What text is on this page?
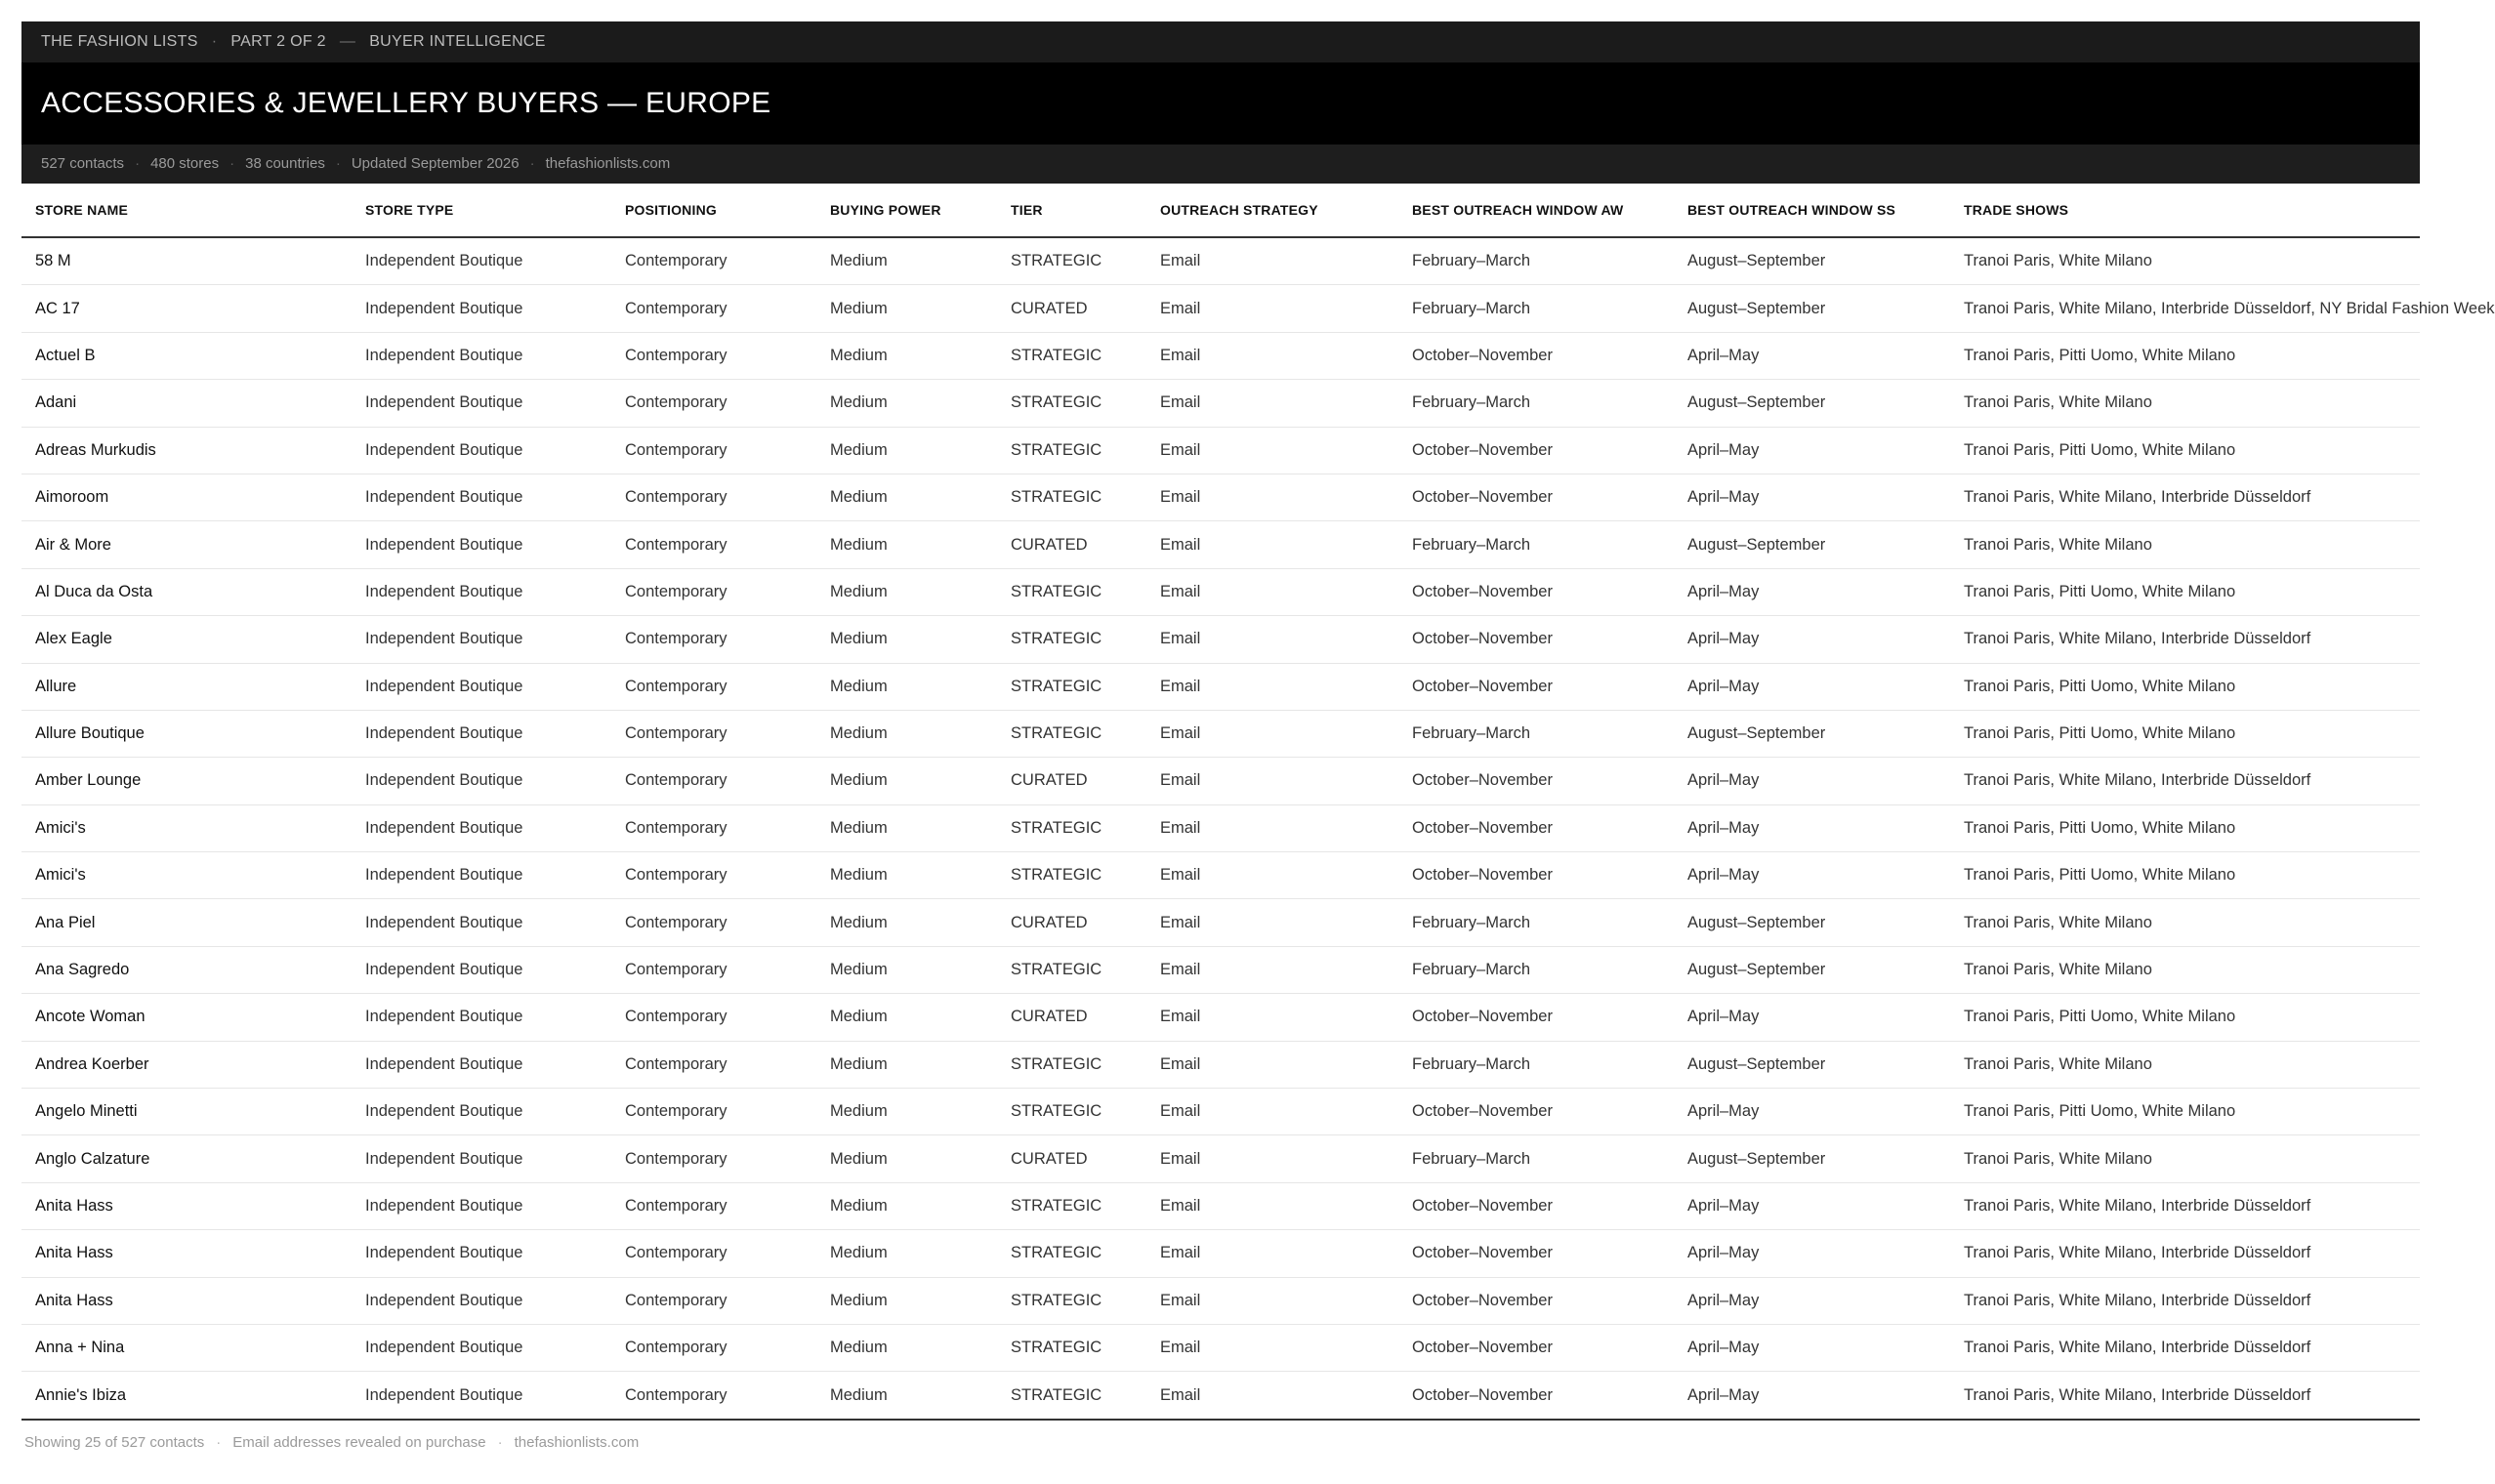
THE FASHION LISTS · PART 2 OF 2 — BUYER INTELLIGENCE
ACCESSORIES & JEWELLERY BUYERS — EUROPE
527 contacts · 480 stores · 38 countries · Updated September 2026 · thefashionlists.com
STORE NAME	STORE TYPE	POSITIONING	BUYING POWER	TIER	OUTREACH STRATEGY	BEST OUTREACH WINDOW AW	BEST OUTREACH WINDOW SS	TRADE SHOWS
58 M	Independent Boutique	Contemporary	Medium	STRATEGIC	Email	February–March	August–September	Tranoi Paris, White Milano
AC 17	Independent Boutique	Contemporary	Medium	CURATED	Email	February–March	August–September	Tranoi Paris, White Milano, Interbride Düsseldorf, NY Bridal Fashion Week
Actuel B	Independent Boutique	Contemporary	Medium	STRATEGIC	Email	October–November	April–May	Tranoi Paris, Pitti Uomo, White Milano
Adani	Independent Boutique	Contemporary	Medium	STRATEGIC	Email	February–March	August–September	Tranoi Paris, White Milano
Adreas Murkudis	Independent Boutique	Contemporary	Medium	STRATEGIC	Email	October–November	April–May	Tranoi Paris, Pitti Uomo, White Milano
Aimoroom	Independent Boutique	Contemporary	Medium	STRATEGIC	Email	October–November	April–May	Tranoi Paris, White Milano, Interbride Düsseldorf
Air & More	Independent Boutique	Contemporary	Medium	CURATED	Email	February–March	August–September	Tranoi Paris, White Milano
Al Duca da Osta	Independent Boutique	Contemporary	Medium	STRATEGIC	Email	October–November	April–May	Tranoi Paris, Pitti Uomo, White Milano
Alex Eagle	Independent Boutique	Contemporary	Medium	STRATEGIC	Email	October–November	April–May	Tranoi Paris, White Milano, Interbride Düsseldorf
Allure	Independent Boutique	Contemporary	Medium	STRATEGIC	Email	October–November	April–May	Tranoi Paris, Pitti Uomo, White Milano
Allure Boutique	Independent Boutique	Contemporary	Medium	STRATEGIC	Email	February–March	August–September	Tranoi Paris, Pitti Uomo, White Milano
Amber Lounge	Independent Boutique	Contemporary	Medium	CURATED	Email	October–November	April–May	Tranoi Paris, White Milano, Interbride Düsseldorf
Amici's	Independent Boutique	Contemporary	Medium	STRATEGIC	Email	October–November	April–May	Tranoi Paris, Pitti Uomo, White Milano
Amici's	Independent Boutique	Contemporary	Medium	STRATEGIC	Email	October–November	April–May	Tranoi Paris, Pitti Uomo, White Milano
Ana Piel	Independent Boutique	Contemporary	Medium	CURATED	Email	February–March	August–September	Tranoi Paris, White Milano
Ana Sagredo	Independent Boutique	Contemporary	Medium	STRATEGIC	Email	February–March	August–September	Tranoi Paris, White Milano
Ancote Woman	Independent Boutique	Contemporary	Medium	CURATED	Email	October–November	April–May	Tranoi Paris, Pitti Uomo, White Milano
Andrea Koerber	Independent Boutique	Contemporary	Medium	STRATEGIC	Email	February–March	August–September	Tranoi Paris, White Milano
Angelo Minetti	Independent Boutique	Contemporary	Medium	STRATEGIC	Email	October–November	April–May	Tranoi Paris, Pitti Uomo, White Milano
Anglo Calzature	Independent Boutique	Contemporary	Medium	CURATED	Email	February–March	August–September	Tranoi Paris, White Milano
Anita Hass	Independent Boutique	Contemporary	Medium	STRATEGIC	Email	October–November	April–May	Tranoi Paris, White Milano, Interbride Düsseldorf
Anita Hass	Independent Boutique	Contemporary	Medium	STRATEGIC	Email	October–November	April–May	Tranoi Paris, White Milano, Interbride Düsseldorf
Anita Hass	Independent Boutique	Contemporary	Medium	STRATEGIC	Email	October–November	April–May	Tranoi Paris, White Milano, Interbride Düsseldorf
Anna + Nina	Independent Boutique	Contemporary	Medium	STRATEGIC	Email	October–November	April–May	Tranoi Paris, White Milano, Interbride Düsseldorf
Annie's Ibiza	Independent Boutique	Contemporary	Medium	STRATEGIC	Email	October–November	April–May	Tranoi Paris, White Milano, Interbride Düsseldorf
Showing 25 of 527 contacts · Email addresses revealed on purchase · thefashionlists.com
